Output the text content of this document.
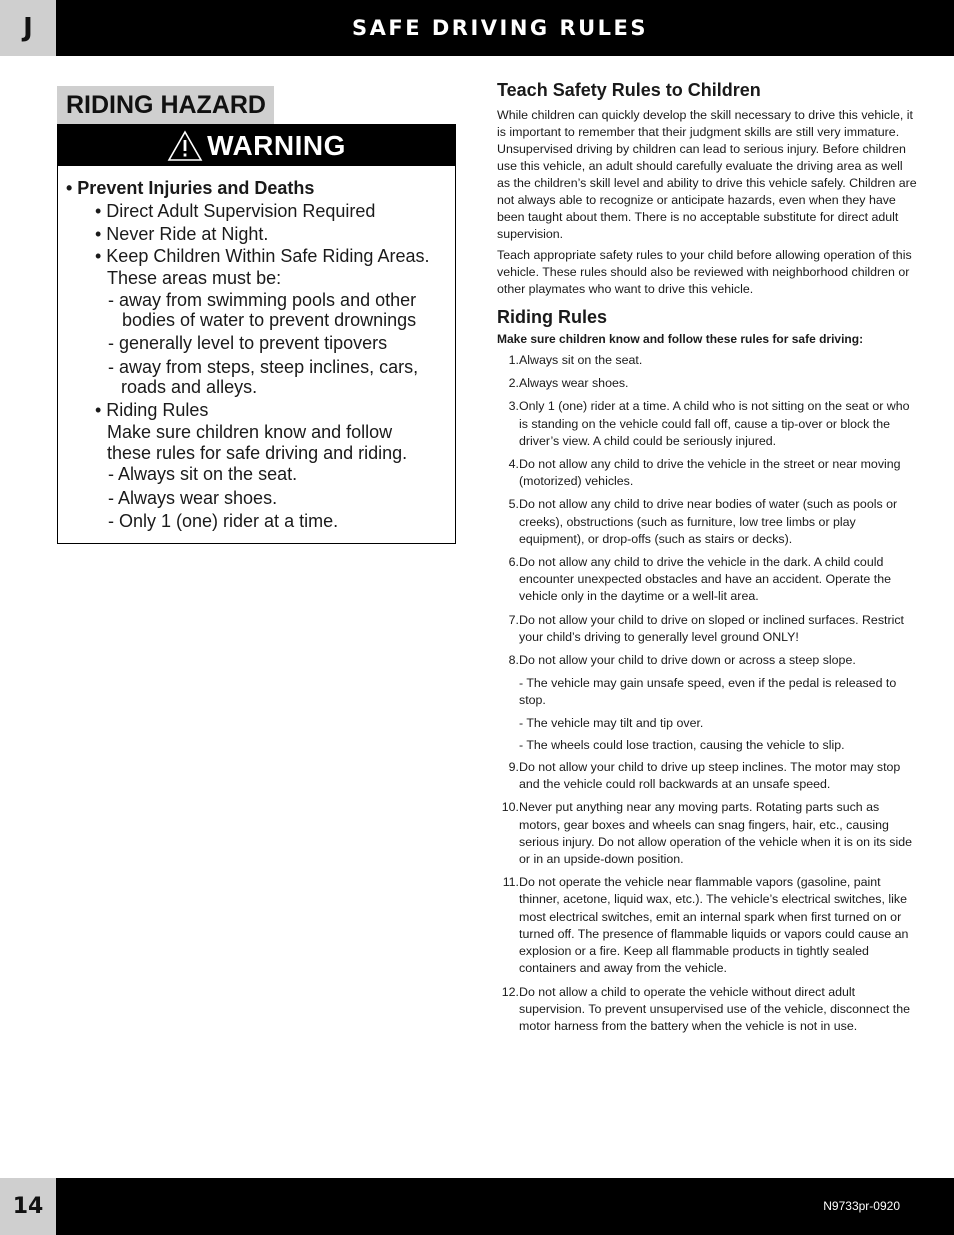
J	SAFE DRIVING RULES
RIDING HAZARD
WARNING
• Prevent Injuries and Deaths
• Direct Adult Supervision Required
• Never Ride at Night.
• Keep Children Within Safe Riding Areas.
These areas must be:
- away from swimming pools and other
bodies of water to prevent drownings
- generally level to prevent tipovers
- away from steps, steep inclines, cars,
roads and alleys.
• Riding Rules
Make sure children know and follow
these rules for safe driving and riding.
- Always sit on the seat.
- Always wear shoes.
- Only 1 (one) rider at a time.
Teach Safety Rules to Children

While children can quickly develop the skill necessary to drive this vehicle, it is important to remember that their judgment skills are still very immature. Unsupervised driving by children can lead to serious injury. Before children use this vehicle, an adult should carefully evaluate the driving area as well as the children’s skill level and ability to drive this vehicle safely. Children are not always able to recognize or anticipate hazards, even when they have been taught about them. There is no acceptable substitute for direct adult supervision.

Teach appropriate safety rules to your child before allowing operation of this vehicle. These rules should also be reviewed with neighborhood children or other playmates who want to drive this vehicle.

Riding Rules
Make sure children know and follow these rules for safe driving:
1. Always sit on the seat.
2. Always wear shoes.
3. Only 1 (one) rider at a time. A child who is not sitting on the seat or who is standing on the vehicle could fall off, cause a tip-over or block the driver’s view. A child could be seriously injured.
4. Do not allow any child to drive the vehicle in the street or near moving (motorized) vehicles.
5. Do not allow any child to drive near bodies of water (such as pools or creeks), obstructions (such as furniture, low tree limbs or play equipment), or drop-offs (such as stairs or decks).
6. Do not allow any child to drive the vehicle in the dark. A child could encounter unexpected obstacles and have an accident. Operate the vehicle only in the daytime or a well-lit area.
7. Do not allow your child to drive on sloped or inclined surfaces. Restrict your child’s driving to generally level ground ONLY!
8. Do not allow your child to drive down or across a steep slope.
- The vehicle may gain unsafe speed, even if the pedal is released to stop.
- The vehicle may tilt and tip over.
- The wheels could lose traction, causing the vehicle to slip.
9. Do not allow your child to drive up steep inclines. The motor may stop and the vehicle could roll backwards at an unsafe speed.
10. Never put anything near any moving parts. Rotating parts such as motors, gear boxes and wheels can snag fingers, hair, etc., causing serious injury. Do not allow operation of the vehicle when it is on its side or in an upside-down position.
11. Do not operate the vehicle near flammable vapors (gasoline, paint thinner, acetone, liquid wax, etc.). The vehicle’s electrical switches, like most electrical switches, emit an internal spark when first turned on or turned off. The presence of flammable liquids or vapors could cause an explosion or a fire. Keep all flammable products in tightly sealed containers and away from the vehicle.
12. Do not allow a child to operate the vehicle without direct adult supervision. To prevent unsupervised use of the vehicle, disconnect the motor harness from the battery when the vehicle is not in use.
14	N9733pr-0920
